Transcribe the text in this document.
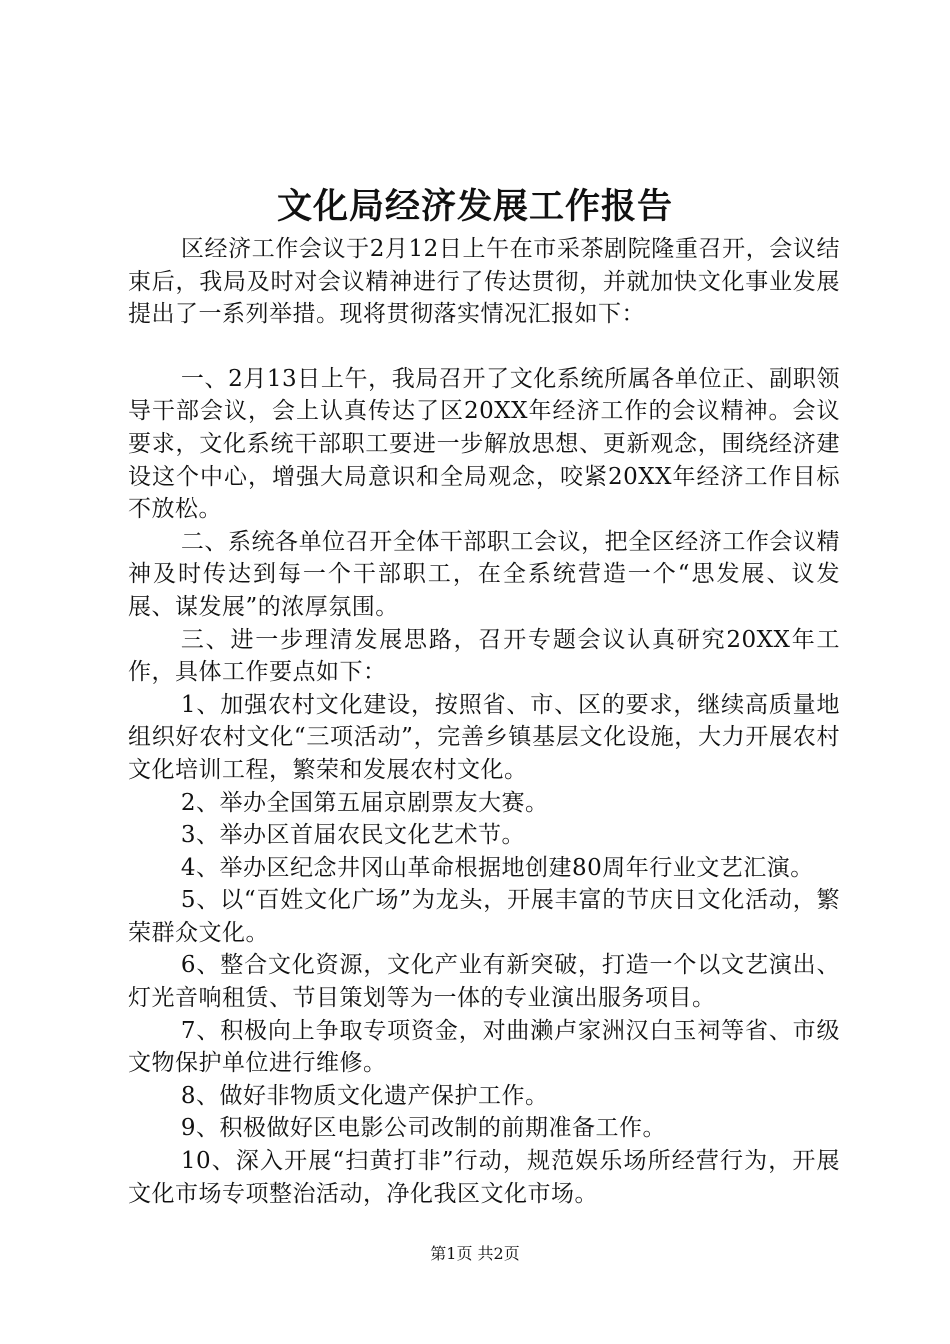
文化局经济发展工作报告

区经济工作会议于2月12日上午在市采茶剧院隆重召开，会议结束后，我局及时对会议精神进行了传达贯彻，并就加快文化事业发展提出了一系列举措。现将贯彻落实情况汇报如下：

一、2月13日上午，我局召开了文化系统所属各单位正、副职领导干部会议，会上认真传达了区20XX年经济工作的会议精神。会议要求，文化系统干部职工要进一步解放思想、更新观念，围绕经济建设这个中心，增强大局意识和全局观念，咬紧20XX年经济工作目标不放松。

二、系统各单位召开全体干部职工会议，把全区经济工作会议精神及时传达到每一个干部职工，在全系统营造一个“思发展、议发展、谋发展”的浓厚氛围。

三、进一步理清发展思路，召开专题会议认真研究20XX年工作，具体工作要点如下：

1、加强农村文化建设，按照省、市、区的要求，继续高质量地组织好农村文化“三项活动”，完善乡镇基层文化设施，大力开展农村文化培训工程，繁荣和发展农村文化。

2、举办全国第五届京剧票友大赛。

3、举办区首届农民文化艺术节。

4、举办区纪念井冈山革命根据地创建80周年行业文艺汇演。

5、以“百姓文化广场”为龙头，开展丰富的节庆日文化活动，繁荣群众文化。

6、整合文化资源，文化产业有新突破，打造一个以文艺演出、灯光音响租赁、节目策划等为一体的专业演出服务项目。

7、积极向上争取专项资金，对曲濑卢家洲汉白玉祠等省、市级文物保护单位进行维修。

8、做好非物质文化遗产保护工作。

9、积极做好区电影公司改制的前期准备工作。

10、深入开展“扫黄打非”行动，规范娱乐场所经营行为，开展文化市场专项整治活动，净化我区文化市场。

第1页 共2页
